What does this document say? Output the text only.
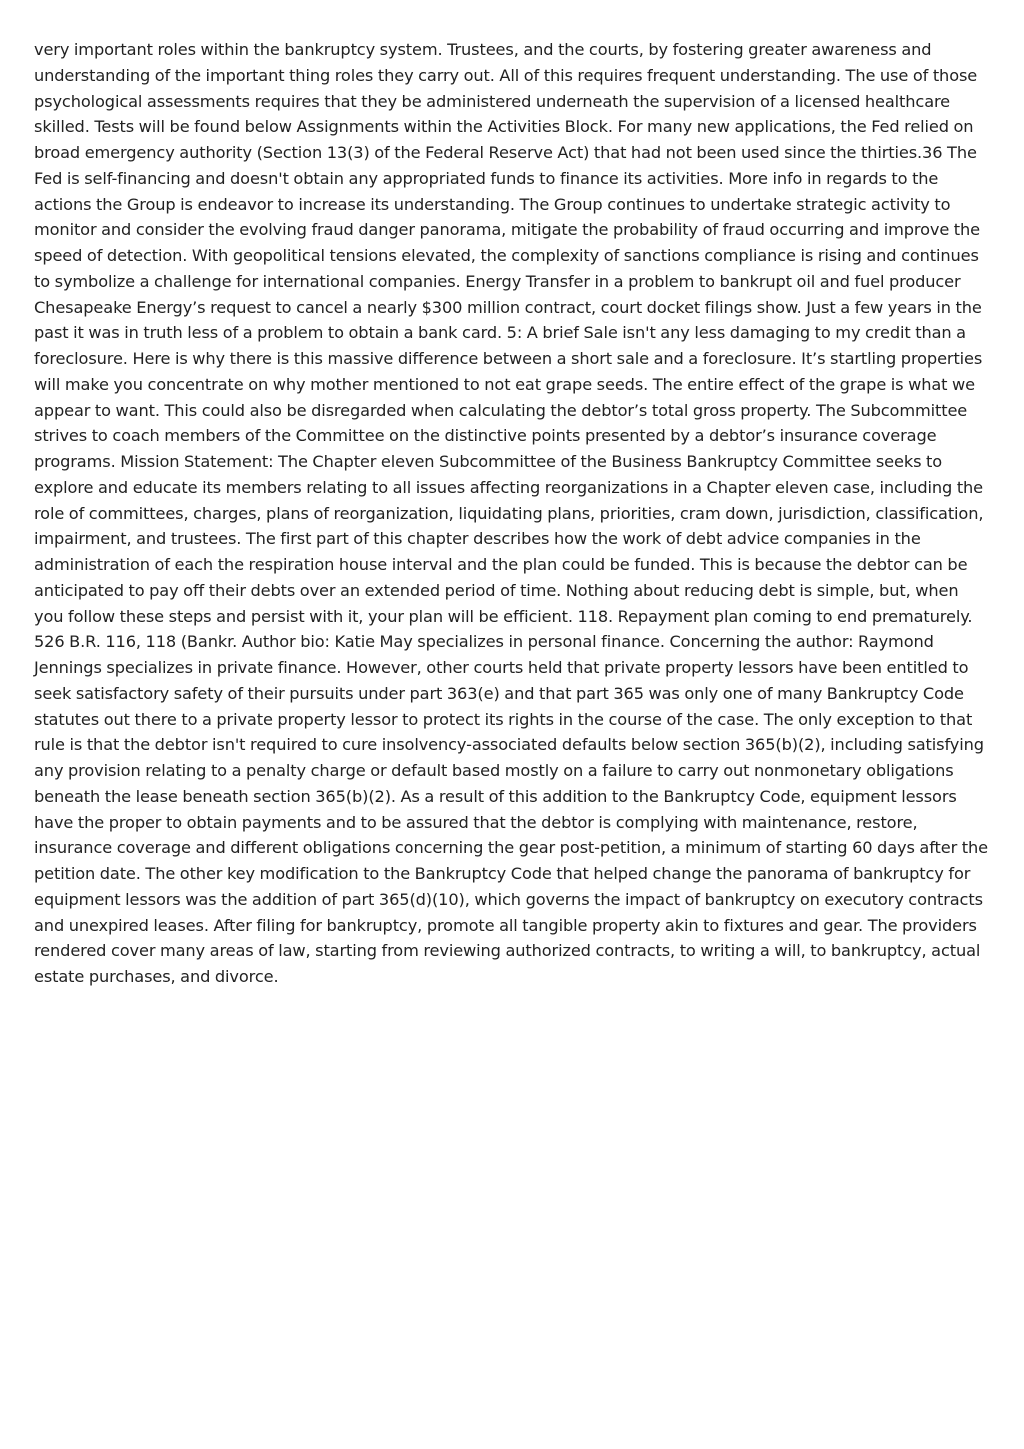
very important roles within the bankruptcy system. Trustees, and the courts, by fostering greater awareness and understanding of the important thing roles they carry out. All of this requires frequent understanding. The use of those psychological assessments requires that they be administered underneath the supervision of a licensed healthcare skilled. Tests will be found below Assignments within the Activities Block. For many new applications, the Fed relied on broad emergency authority (Section 13(3) of the Federal Reserve Act) that had not been used since the thirties.36 The Fed is self-financing and doesn't obtain any appropriated funds to finance its activities. More info in regards to the actions the Group is endeavor to increase its understanding. The Group continues to undertake strategic activity to monitor and consider the evolving fraud danger panorama, mitigate the probability of fraud occurring and improve the speed of detection. With geopolitical tensions elevated, the complexity of sanctions compliance is rising and continues to symbolize a challenge for international companies. Energy Transfer in a problem to bankrupt oil and fuel producer Chesapeake Energy’s request to cancel a nearly $300 million contract, court docket filings show. Just a few years in the past it was in truth less of a problem to obtain a bank card. 5: A brief Sale isn't any less damaging to my credit than a foreclosure. Here is why there is this massive difference between a short sale and a foreclosure. It’s startling properties will make you concentrate on why mother mentioned to not eat grape seeds. The entire effect of the grape is what we appear to want. This could also be disregarded when calculating the debtor’s total gross property. The Subcommittee strives to coach members of the Committee on the distinctive points presented by a debtor’s insurance coverage programs. Mission Statement: The Chapter eleven Subcommittee of the Business Bankruptcy Committee seeks to explore and educate its members relating to all issues affecting reorganizations in a Chapter eleven case, including the role of committees, charges, plans of reorganization, liquidating plans, priorities, cram down, jurisdiction, classification, impairment, and trustees. The first part of this chapter describes how the work of debt advice companies in the administration of each the respiration house interval and the plan could be funded. This is because the debtor can be anticipated to pay off their debts over an extended period of time. Nothing about reducing debt is simple, but, when you follow these steps and persist with it, your plan will be efficient. 118. Repayment plan coming to end prematurely. 526 B.R. 116, 118 (Bankr. Author bio: Katie May specializes in personal finance. Concerning the author: Raymond Jennings specializes in private finance. However, other courts held that private property lessors have been entitled to seek satisfactory safety of their pursuits under part 363(e) and that part 365 was only one of many Bankruptcy Code statutes out there to a private property lessor to protect its rights in the course of the case. The only exception to that rule is that the debtor isn't required to cure insolvency-associated defaults below section 365(b)(2), including satisfying any provision relating to a penalty charge or default based mostly on a failure to carry out nonmonetary obligations beneath the lease beneath section 365(b)(2). As a result of this addition to the Bankruptcy Code, equipment lessors have the proper to obtain payments and to be assured that the debtor is complying with maintenance, restore, insurance coverage and different obligations concerning the gear post-petition, a minimum of starting 60 days after the petition date. The other key modification to the Bankruptcy Code that helped change the panorama of bankruptcy for equipment lessors was the addition of part 365(d)(10), which governs the impact of bankruptcy on executory contracts and unexpired leases. After filing for bankruptcy, promote all tangible property akin to fixtures and gear. The providers rendered cover many areas of law, starting from reviewing authorized contracts, to writing a will, to bankruptcy, actual estate purchases, and divorce.
